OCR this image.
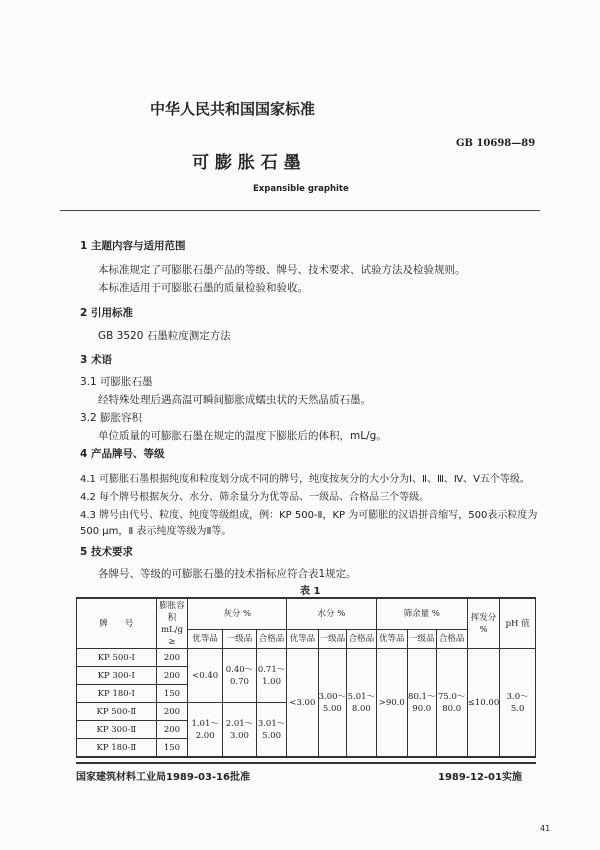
中华人民共和国国家标准
GB 10698—89
可 膨 胀 石 墨
Expansible graphite
1 主题内容与适用范围
本标准规定了可膨胀石墨产品的等级、牌号、技术要求、试验方法及检验规则。
本标准适用于可膨胀石墨的质量检验和验收。
2 引用标准
GB 3520 石墨粒度测定方法
3 术语
3.1 可膨胀石墨
经特殊处理后遇高温可瞬间膨胀成蠕虫状的天然晶质石墨。
3.2 膨胀容积
单位质量的可膨胀石墨在规定的温度下膨胀后的体积，mL/g。
4 产品牌号、等级
4.1 可膨胀石墨根据纯度和粒度划分成不同的牌号，纯度按灰分的大小分为Ⅰ、Ⅱ、Ⅲ、Ⅳ、Ⅴ五个等级。
4.2 每个牌号根据灰分、水分、筛余量分为优等品、一级品、合格品三个等级。
4.3 牌号由代号、粒度、纯度等级组成，例：KP 500-Ⅱ，KP 为可膨胀的汉语拼音缩写，500表示粒度为
500 μm，Ⅱ 表示纯度等级为Ⅱ等。
5 技术要求
各牌号、等级的可膨胀石墨的技术指标应符合表1规定。
表 1
牌　　号	膨胀容积 mL/g ≥	灰分 %			水分 %			筛余量 %			挥发分 %	pH 值
		优等品	一级品	合格品	优等品	一级品	合格品	优等品	一级品	合格品		
KP 500-Ⅰ	200	<0.40	0.40～0.70	0.71～1.00	<3.00	3.00～5.00	5.01～8.00	>90.0	80.1～90.0	75.0～80.0	≤10.00	3.0～5.0
KP 300-Ⅰ	200											
KP 180-Ⅰ	150											
KP 500-Ⅱ	200	1.01～2.00	2.01～3.00	3.01～5.00								
KP 300-Ⅱ	200											
KP 180-Ⅱ	150											
国家建筑材料工业局1989-03-16批准	1989-12-01实施
41
